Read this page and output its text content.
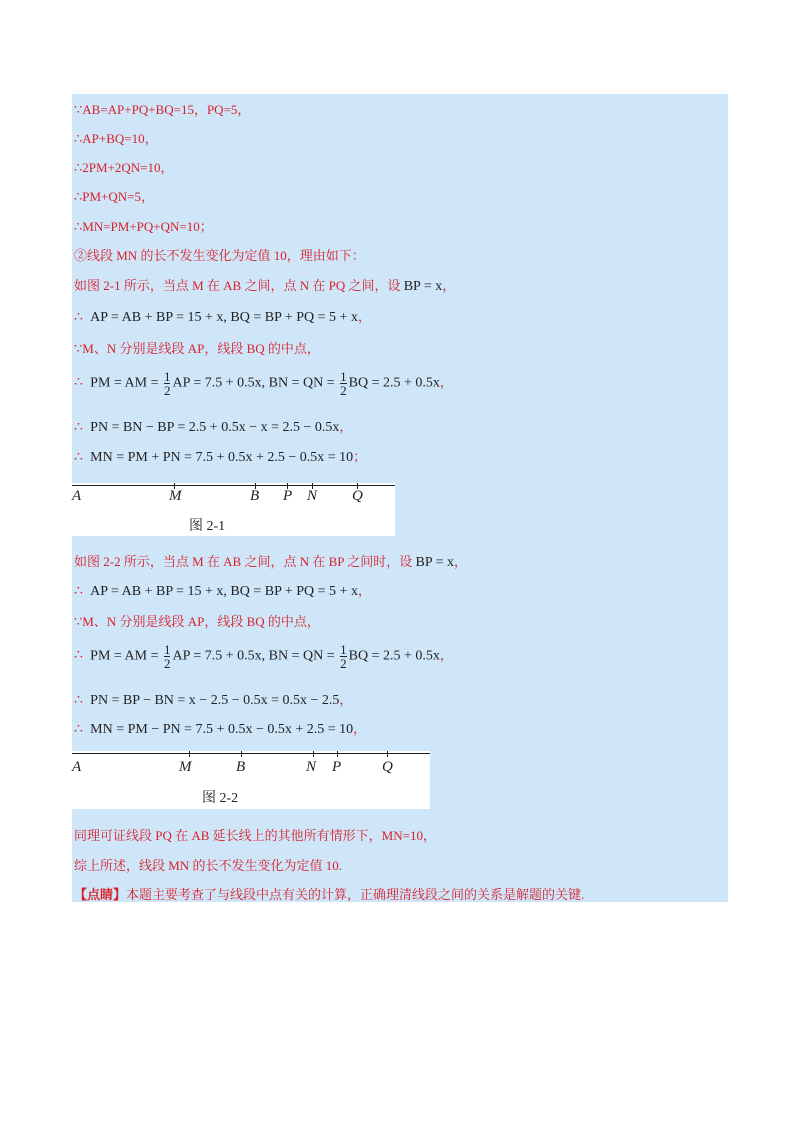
∵AB=AP+PQ+BQ=15，PQ=5，
∴AP+BQ=10，
∴2PM+2QN=10，
∴PM+QN=5，
∴MN=PM+PQ+QN=10；
②线段 MN 的长不发生变化为定值 10，理由如下：
如图 2-1 所示，当点 M 在 AB 之间，点 N 在 PQ 之间，设 BP = x，
∴ AP = AB + BP = 15 + x, BQ = BP + PQ = 5 + x，
∵M、N 分别是线段 AP，线段 BQ 的中点，
∴ PM = AM = $\frac{1}{2}$ AP = 7.5 + 0.5x, BN = QN = $\frac{1}{2}$ BQ = 2.5 + 0.5x，
∴ PN = BN − BP = 2.5 + 0.5x − x = 2.5 − 0.5x，
∴ MN = PM + PN = 7.5 + 0.5x + 2.5 − 0.5x = 10；
A	M	B P N Q
图 2-1
如图 2-2 所示，当点 M 在 AB 之间，点 N 在 BP 之间时，设 BP = x，
∴ AP = AB + BP = 15 + x, BQ = BP + PQ = 5 + x，
∵M、N 分别是线段 AP，线段 BQ 的中点，
∴ PM = AM = $\frac{1}{2}$ AP = 7.5 + 0.5x, BN = QN = $\frac{1}{2}$ BQ = 2.5 + 0.5x，
∴ PN = BP − BN = x − 2.5 − 0.5x = 0.5x − 2.5，
∴ MN = PM − PN = 7.5 + 0.5x − 0.5x + 2.5 = 10，
A	M	B	N P	Q
图 2-2
同理可证线段 PQ 在 AB 延长线上的其他所有情形下，MN=10，
综上所述，线段 MN 的长不发生变化为定值 10.
【点睛】本题主要考查了与线段中点有关的计算，正确理清线段之间的关系是解题的关键.
